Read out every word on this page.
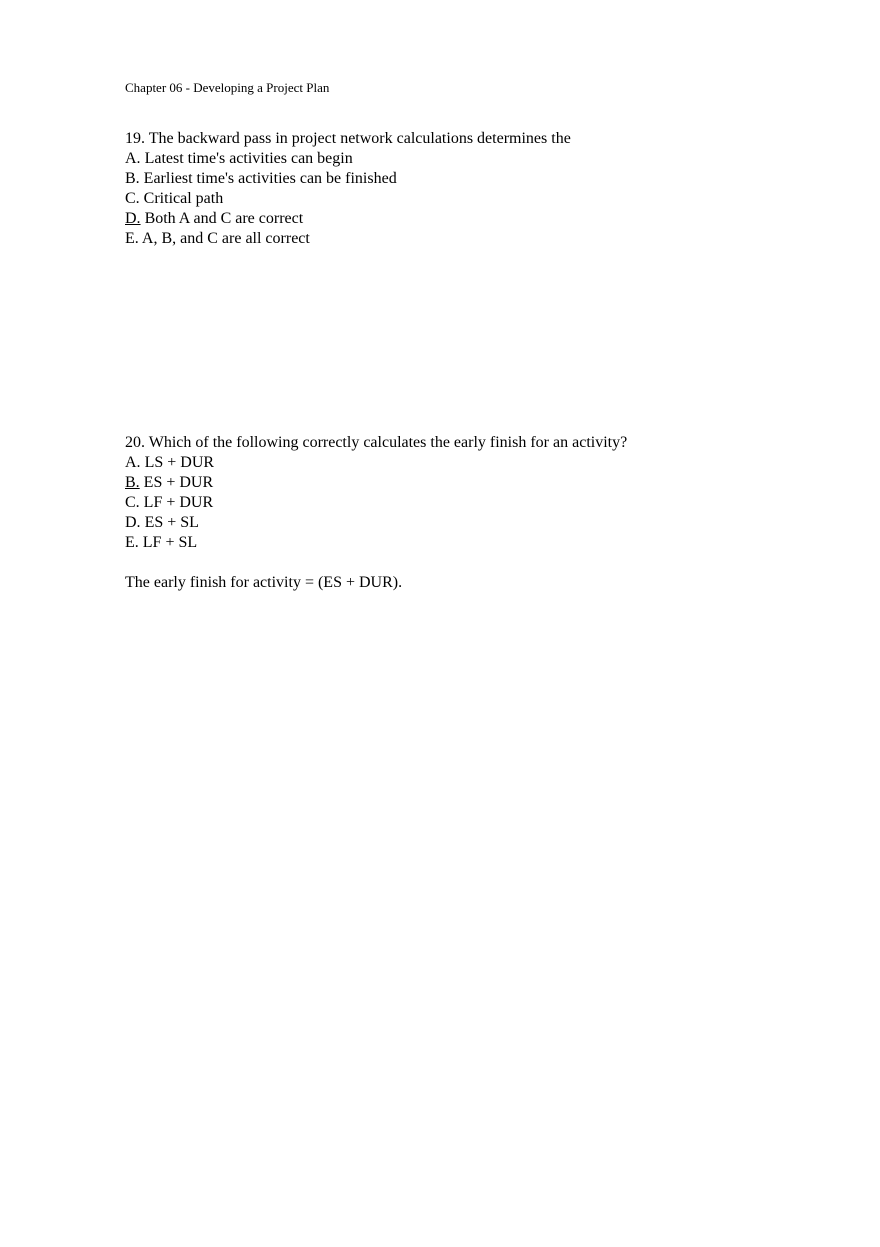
Chapter 06 - Developing a Project Plan
19. The backward pass in project network calculations determines the
A. Latest time's activities can begin
B. Earliest time's activities can be finished
C. Critical path
D. Both A and C are correct
E. A, B, and C are all correct
20. Which of the following correctly calculates the early finish for an activity?
A. LS + DUR
B. ES + DUR
C. LF + DUR
D. ES + SL
E. LF + SL
The early finish for activity = (ES + DUR).
